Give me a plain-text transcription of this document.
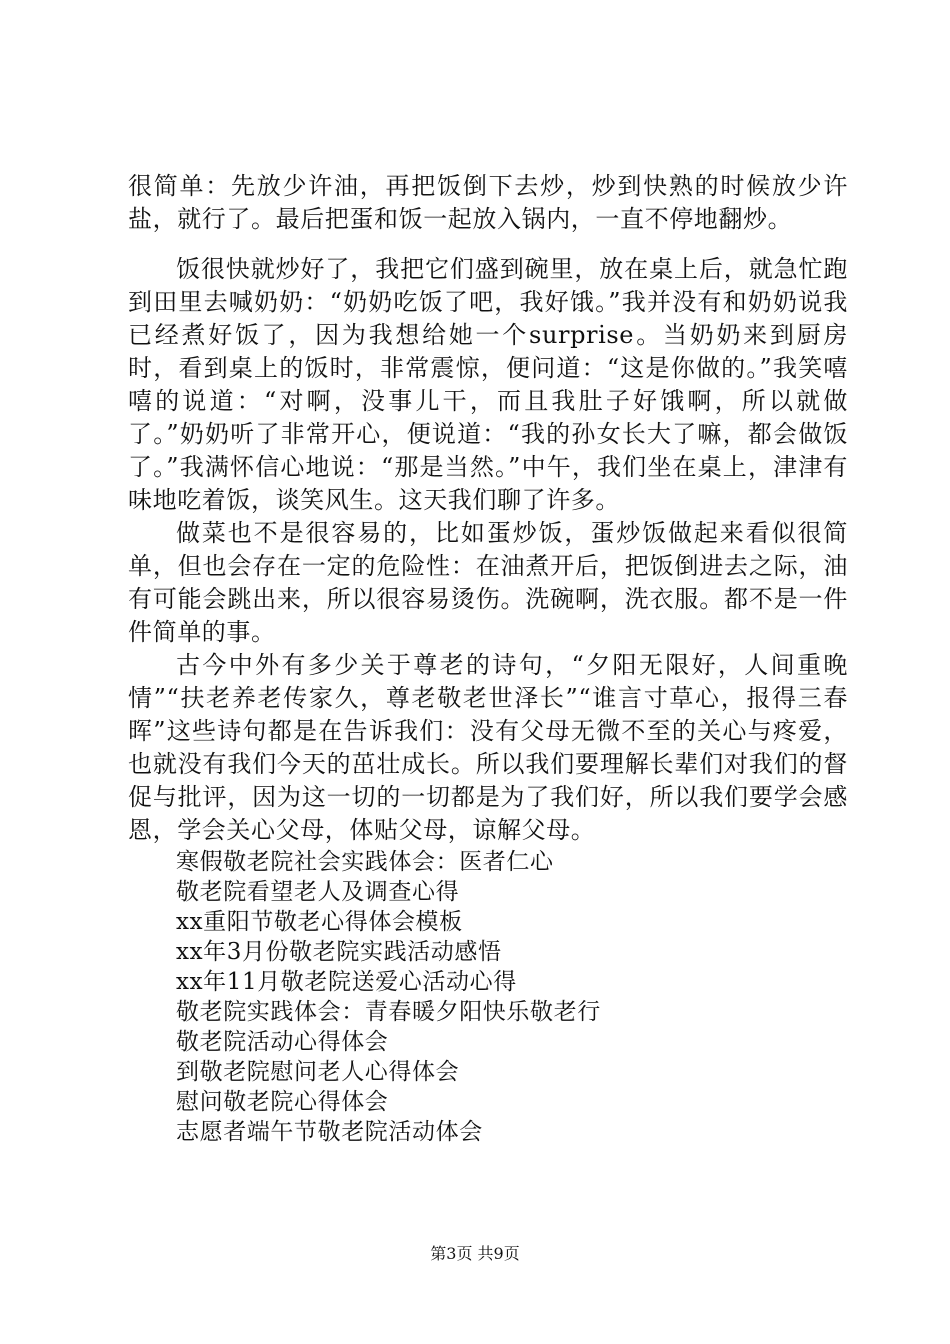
很简单：先放少许油，再把饭倒下去炒，炒到快熟的时候放少许盐，就行了。最后把蛋和饭一起放入锅内，一直不停地翻炒。

饭很快就炒好了，我把它们盛到碗里，放在桌上后，就急忙跑到田里去喊奶奶：“奶奶吃饭了吧，我好饿。”我并没有和奶奶说我已经煮好饭了，因为我想给她一个surprise。当奶奶来到厨房时，看到桌上的饭时，非常震惊，便问道：“这是你做的。”我笑嘻嘻的说道：“对啊，没事儿干，而且我肚子好饿啊，所以就做了。”奶奶听了非常开心，便说道：“我的孙女长大了嘛，都会做饭了。”我满怀信心地说：“那是当然。”中午，我们坐在桌上，津津有味地吃着饭，谈笑风生。这天我们聊了许多。

做菜也不是很容易的，比如蛋炒饭，蛋炒饭做起来看似很简单，但也会存在一定的危险性：在油煮开后，把饭倒进去之际，油有可能会跳出来，所以很容易烫伤。洗碗啊，洗衣服。都不是一件件简单的事。

古今中外有多少关于尊老的诗句，“夕阳无限好，人间重晚情”“扶老养老传家久，尊老敬老世泽长”“谁言寸草心，报得三春晖”这些诗句都是在告诉我们：没有父母无微不至的关心与疼爱，也就没有我们今天的茁壮成长。所以我们要理解长辈们对我们的督促与批评，因为这一切的一切都是为了我们好，所以我们要学会感恩，学会关心父母，体贴父母，谅解父母。

寒假敬老院社会实践体会：医者仁心
敬老院看望老人及调查心得
xx重阳节敬老心得体会模板
xx年3月份敬老院实践活动感悟
xx年11月敬老院送爱心活动心得
敬老院实践体会：青春暖夕阳快乐敬老行
敬老院活动心得体会
到敬老院慰问老人心得体会
慰问敬老院心得体会
志愿者端午节敬老院活动体会
第3页 共9页
